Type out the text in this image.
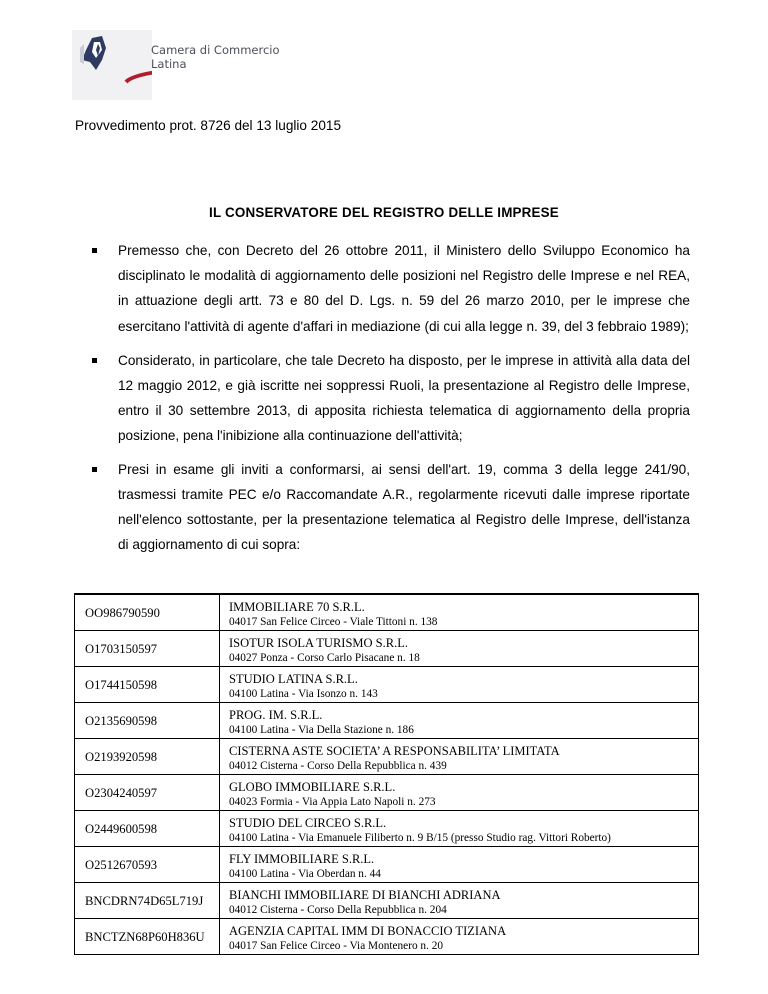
Camera di Commercio
Latina
Provvedimento prot. 8726 del 13 luglio 2015
IL CONSERVATORE DEL REGISTRO DELLE IMPRESE
Premesso che, con Decreto del 26 ottobre 2011, il Ministero dello Sviluppo Economico ha disciplinato le modalità di aggiornamento delle posizioni nel Registro delle Imprese e nel REA, in attuazione degli artt. 73 e 80 del D. Lgs. n. 59 del 26 marzo 2010, per le imprese che esercitano l'attività di agente d'affari in mediazione (di cui alla legge n. 39, del 3 febbraio 1989);
Considerato, in particolare, che tale Decreto ha disposto, per le imprese in attività alla data del 12 maggio 2012, e già iscritte nei soppressi Ruoli, la presentazione al Registro delle Imprese, entro il 30 settembre 2013, di apposita richiesta telematica di aggiornamento della propria posizione, pena l'inibizione alla continuazione dell'attività;
Presi in esame gli inviti a conformarsi, ai sensi dell'art. 19, comma 3 della legge 241/90, trasmessi tramite PEC e/o Raccomandate A.R., regolarmente ricevuti dalle imprese riportate nell'elenco sottostante, per la presentazione telematica al Registro delle Imprese, dell'istanza di aggiornamento di cui sopra:
OO986790590	IMMOBILIARE 70 S.R.L.
04017 San Felice Circeo - Viale Tittoni n. 138

O1703150597	ISOTUR ISOLA TURISMO S.R.L.
04027 Ponza - Corso Carlo Pisacane n. 18

O1744150598	STUDIO LATINA S.R.L.
04100 Latina - Via Isonzo n. 143

O2135690598	PROG. IM. S.R.L.
04100 Latina - Via Della Stazione n. 186

O2193920598	CISTERNA ASTE SOCIETA’ A RESPONSABILITA’ LIMITATA
04012 Cisterna - Corso Della Repubblica n. 439

O2304240597	GLOBO IMMOBILIARE S.R.L.
04023 Formia - Via Appia Lato Napoli n. 273

O2449600598	STUDIO DEL CIRCEO S.R.L.
04100 Latina - Via Emanuele Filiberto n. 9 B/15 (presso Studio rag. Vittori Roberto)

O2512670593	FLY IMMOBILIARE S.R.L.
04100 Latina - Via Oberdan n. 44

BNCDRN74D65L719J	BIANCHI IMMOBILIARE DI BIANCHI ADRIANA
04012 Cisterna - Corso Della Repubblica n. 204

BNCTZN68P60H836U	AGENZIA CAPITAL IMM DI BONACCIO TIZIANA
04017 San Felice Circeo - Via Montenero n. 20
